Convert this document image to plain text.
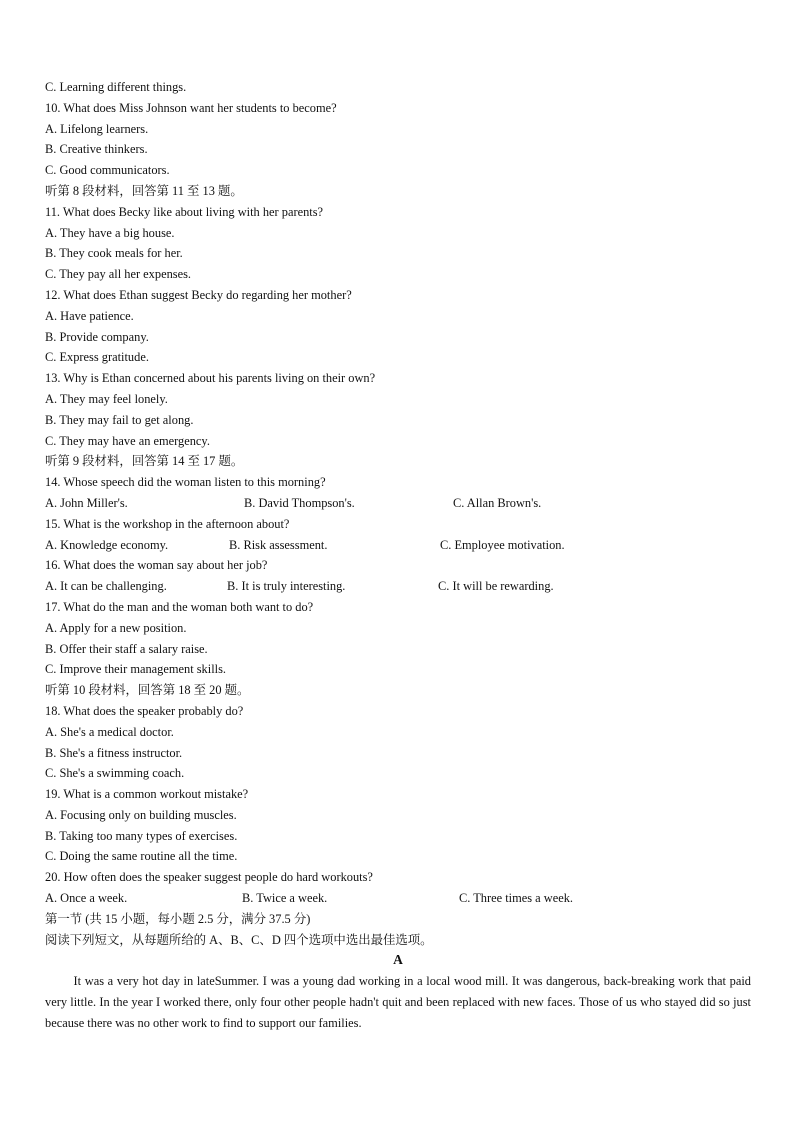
C. Learning different things.
10. What does Miss Johnson want her students to become?
A. Lifelong learners.
B. Creative thinkers.
C. Good communicators.
听第 8 段材料，回答第 11 至 13 题。
11. What does Becky like about living with her parents?
A. They have a big house.
B. They cook meals for her.
C. They pay all her expenses.
12. What does Ethan suggest Becky do regarding her mother?
A. Have patience.
B. Provide company.
C. Express gratitude.
13. Why is Ethan concerned about his parents living on their own?
A. They may feel lonely.
B. They may fail to get along.
C. They may have an emergency.
听第 9 段材料，回答第 14 至 17 题。
14. Whose speech did the woman listen to this morning?

A. John Miller's.

	B. David Thompson's.

	C. Allan Brown's.

15. What is the workshop in the afternoon about?

A. Knowledge economy.

	B. Risk assessment.

	C. Employee motivation.

16. What does the woman say about her job?

A. It can be challenging.

	B. It is truly interesting.

	C. It will be rewarding.

17. What do the man and the woman both want to do?
A. Apply for a new position.
B. Offer their staff a salary raise.
C. Improve their management skills.
听第 10 段材料，回答第 18 至 20 题。
18. What does the speaker probably do?
A. She's a medical doctor.
B. She's a fitness instructor.
C. She's a swimming coach.
19. What is a common workout mistake?
A. Focusing only on building muscles.
B. Taking too many types of exercises.
C. Doing the same routine all the time.
20. How often does the speaker suggest people do hard workouts?

A. Once a week.

	B. Twice a week.

	C. Three times a week.

第一节 (共 15 小题，每小题 2.5 分，满分 37.5 分)
阅读下列短文，从每题所给的 A、B、C、D 四个选项中选出最佳选项。
A

It was a very hot day in lateSummer. I was a young dad working in a local wood mill. It was dangerous, back-breaking work that paid very little. In the year I worked there, only four other people hadn't quit and been replaced with new faces. Those of us who stayed did so just because there was no other work to find to support our families.
